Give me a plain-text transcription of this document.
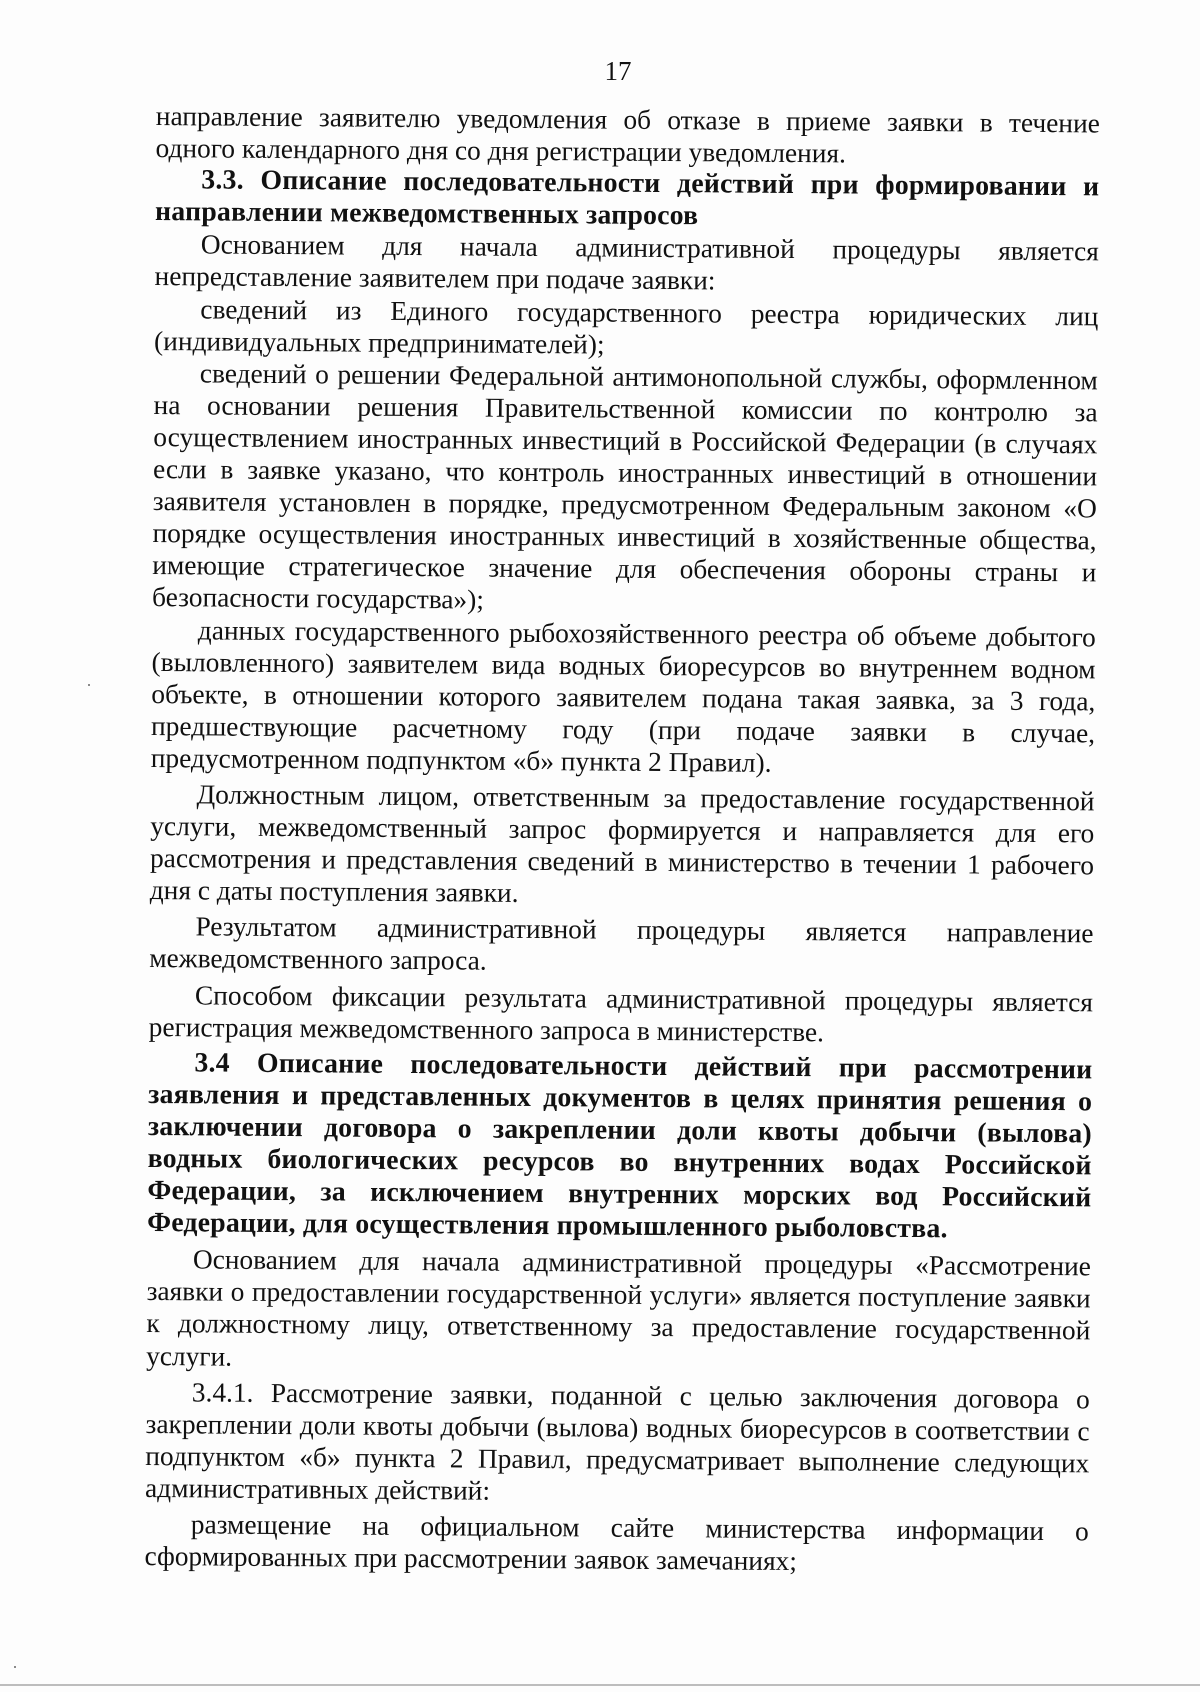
17

направление заявителю уведомления об отказе в приеме заявки в течение одного календарного дня со дня регистрации уведомления.

3.3. Описание последовательности действий при формировании и направлении межведомственных запросов

Основанием для начала административной процедуры является непредставление заявителем при подаче заявки:

сведений из Единого государственного реестра юридических лиц (индивидуальных предпринимателей);

сведений о решении Федеральной антимонопольной службы, оформленном на основании решения Правительственной комиссии по контролю за осуществлением иностранных инвестиций в Российской Федерации (в случаях если в заявке указано, что контроль иностранных инвестиций в отношении заявителя установлен в порядке, предусмотренном Федеральным законом «О порядке осуществления иностранных инвестиций в хозяйственные общества, имеющие стратегическое значение для обеспечения обороны страны и безопасности государства»);

данных государственного рыбохозяйственного реестра об объеме добытого (выловленного) заявителем вида водных биоресурсов во внутреннем водном объекте, в отношении которого заявителем подана такая заявка, за 3 года, предшествующие расчетному году (при подаче заявки в случае, предусмотренном подпунктом «б» пункта 2 Правил).

Должностным лицом, ответственным за предоставление государственной услуги, межведомственный запрос формируется и направляется для его рассмотрения и представления сведений в министерство в течении 1 рабочего дня с даты поступления заявки.

Результатом административной процедуры является направление межведомственного запроса.

Способом фиксации результата административной процедуры является регистрация межведомственного запроса в министерстве.

3.4 Описание последовательности действий при рассмотрении заявления и представленных документов в целях принятия решения о заключении договора о закреплении доли квоты добычи (вылова) водных биологических ресурсов во внутренних водах Российской Федерации, за исключением внутренних морских вод Российский Федерации, для осуществления промышленного рыболовства.

Основанием для начала административной процедуры «Рассмотрение заявки о предоставлении государственной услуги» является поступление заявки к должностному лицу, ответственному за предоставление государственной услуги.

3.4.1. Рассмотрение заявки, поданной с целью заключения договора о закреплении доли квоты добычи (вылова) водных биоресурсов в соответствии с подпунктом «б» пункта 2 Правил, предусматривает выполнение следующих административных действий:

размещение на официальном сайте министерства информации о сформированных при рассмотрении заявок замечаниях;
